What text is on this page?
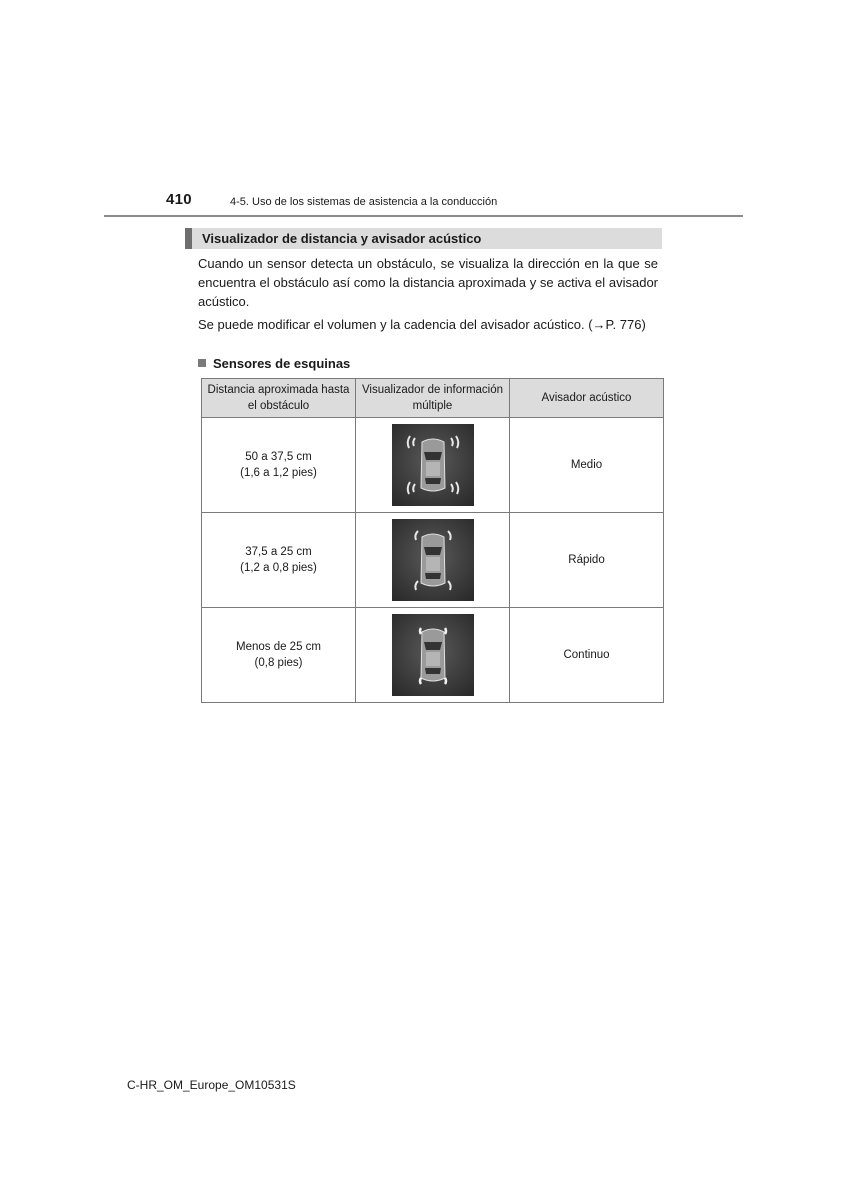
410	4-5. Uso de los sistemas de asistencia a la conducción
Visualizador de distancia y avisador acústico
Cuando un sensor detecta un obstáculo, se visualiza la dirección en la que se encuentra el obstáculo así como la distancia aproximada y se activa el avisador acústico.
Se puede modificar el volumen y la cadencia del avisador acústico. (→P. 776)
Sensores de esquinas
Distancia aproximada hasta el obstáculo	Visualizador de información múltiple	Avisador acústico

50 a 37,5 cm
(1,6 a 1,2 pies)		Medio

37,5 a 25 cm
(1,2 a 0,8 pies)		Rápido

Menos de 25 cm
(0,8 pies)		Continuo
C-HR_OM_Europe_OM10531S
